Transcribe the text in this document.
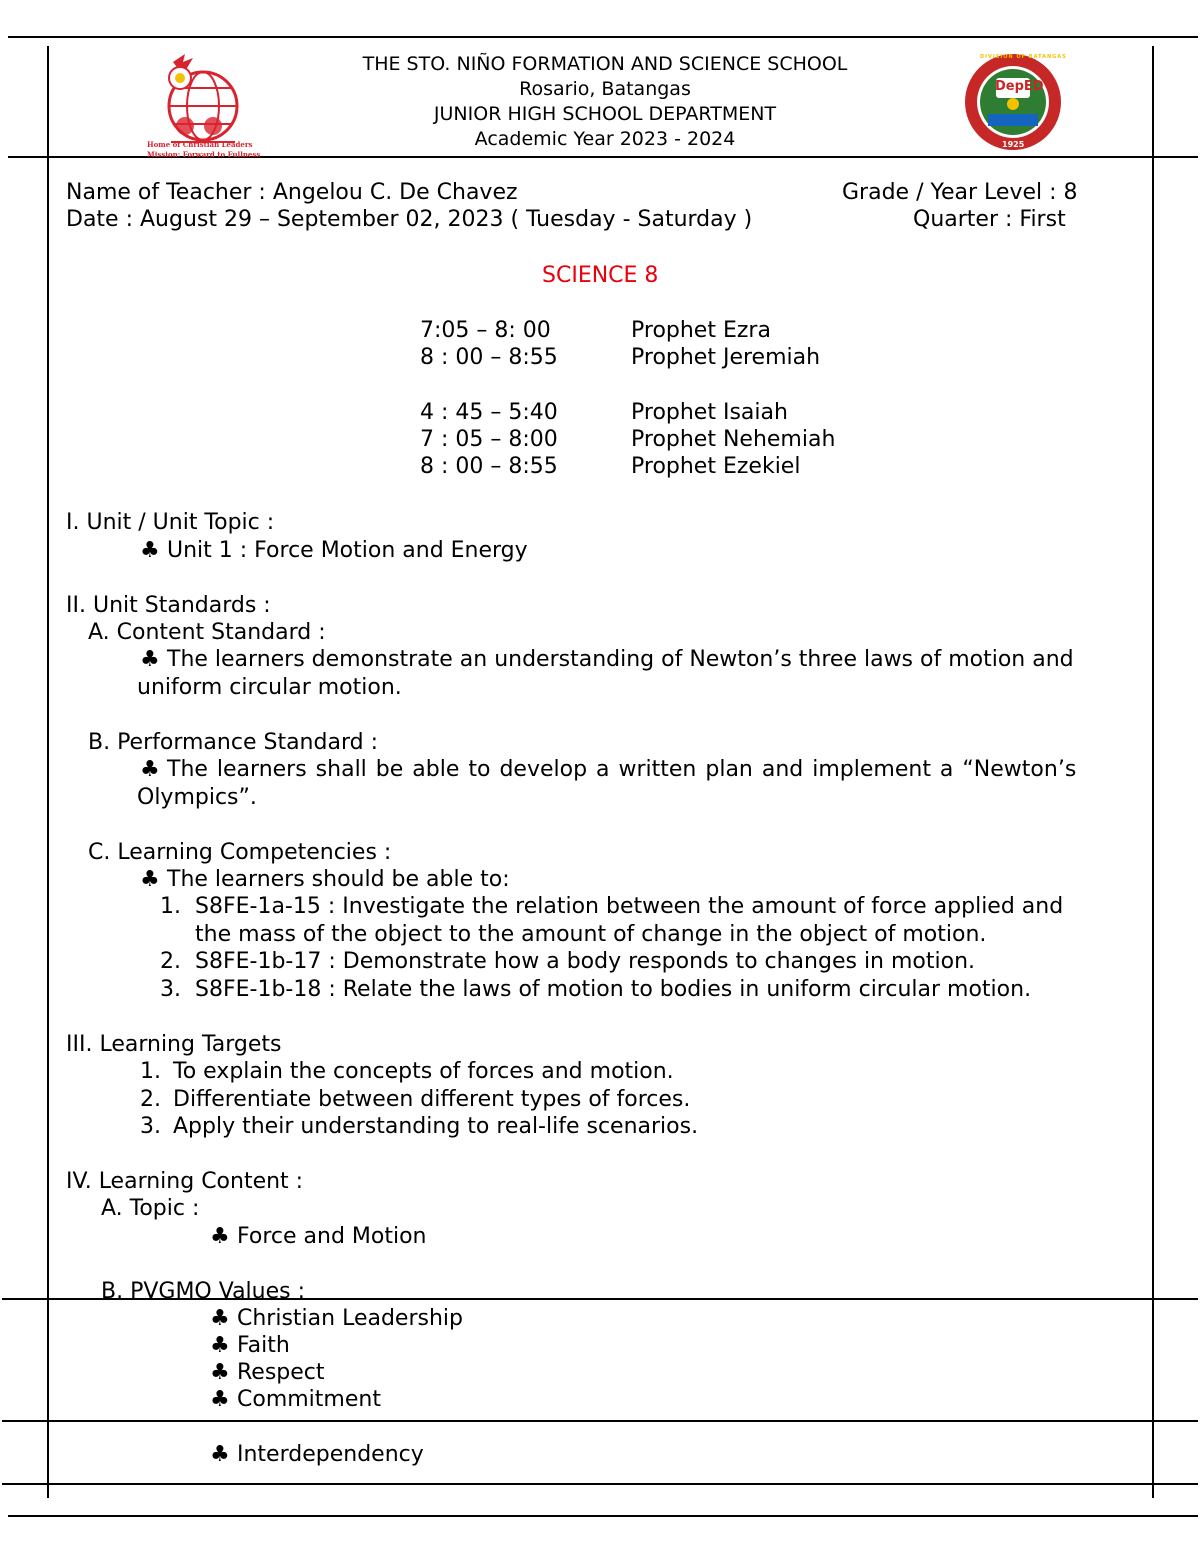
Home of Christian Leaders
Mission: Forward to Fullness
THE STO. NIÑO FORMATION AND SCIENCE SCHOOL
Rosario, Batangas
JUNIOR HIGH SCHOOL DEPARTMENT
Academic Year 2023 - 2024
DIVISION OF BATANGAS
DepED
1925
Name of Teacher : Angelou C. De Chavez	Grade / Year Level : 8
Date : August 29 – September 02, 2023 ( Tuesday - Saturday )	Quarter : First
SCIENCE 8
7:05 – 8: 00	Prophet Ezra
8 : 00 – 8:55	Prophet Jeremiah
4 : 45 – 5:40	Prophet Isaiah
7 : 05 – 8:00	Prophet Nehemiah
8 : 00 – 8:55	Prophet Ezekiel
I. Unit / Unit Topic :
♣ Unit 1 : Force Motion and Energy
II. Unit Standards :
A. Content Standard :
♣ The learners demonstrate an understanding of Newton’s three laws of motion and
uniform circular motion.
B. Performance Standard :
♣ The learners shall be able to develop a written plan and implement a “Newton’s
Olympics”.
C. Learning Competencies :
♣ The learners should be able to:
1. S8FE-1a-15 : Investigate the relation between the amount of force applied and
the mass of the object to the amount of change in the object of motion.
2. S8FE-1b-17 : Demonstrate how a body responds to changes in motion.
3. S8FE-1b-18 : Relate the laws of motion to bodies in uniform circular motion.
III. Learning Targets
1. To explain the concepts of forces and motion.
2. Differentiate between different types of forces.
3. Apply their understanding to real-life scenarios.
IV. Learning Content :
A. Topic :
♣ Force and Motion
B. PVGMO Values :
♣ Christian Leadership
♣ Faith
♣ Respect
♣ Commitment
♣ Interdependency
